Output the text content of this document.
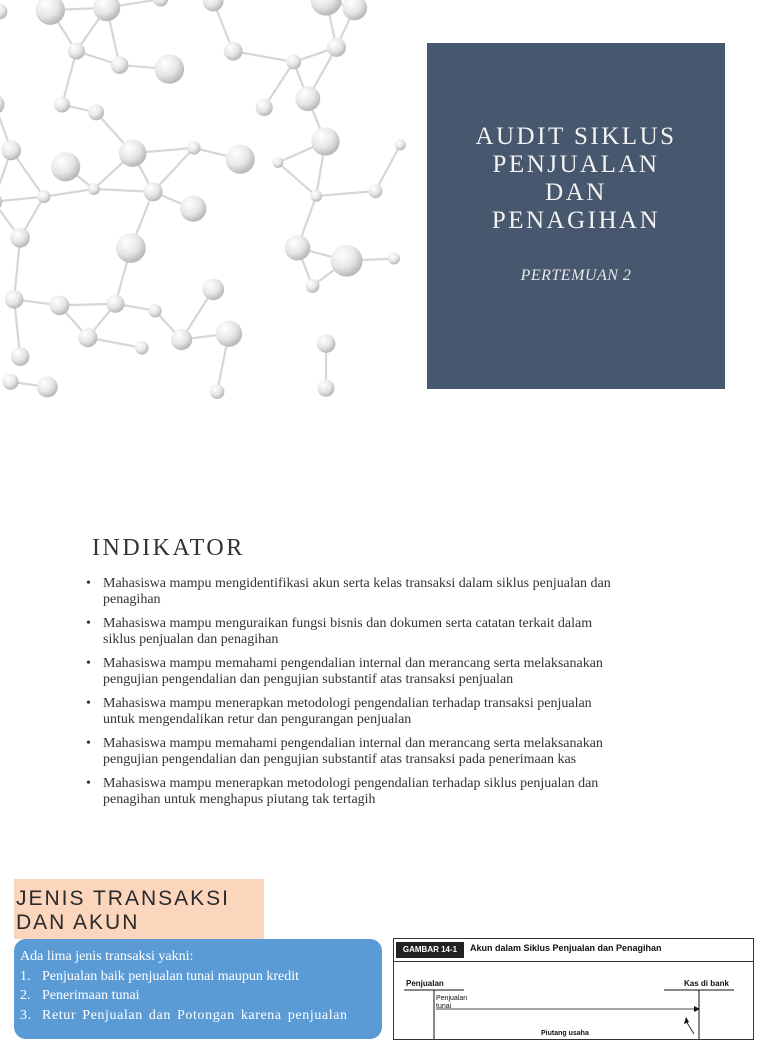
AUDIT SIKLUS
PENJUALAN
DAN
PENAGIHAN
PERTEMUAN 2
INDIKATOR
• Mahasiswa mampu mengidentifikasi akun serta kelas transaksi dalam siklus penjualan dan
penagihan
• Mahasiswa mampu menguraikan fungsi bisnis dan dokumen serta catatan terkait dalam
siklus penjualan dan penagihan
• Mahasiswa mampu memahami pengendalian internal dan merancang serta melaksanakan
pengujian pengendalian dan pengujian substantif atas transaksi penjualan
• Mahasiswa mampu menerapkan metodologi pengendalian terhadap transaksi penjualan
untuk mengendalikan retur dan pengurangan penjualan
• Mahasiswa mampu memahami pengendalian internal dan merancang serta melaksanakan
pengujian pengendalian dan pengujian substantif atas transaksi pada penerimaan kas
• Mahasiswa mampu menerapkan metodologi pengendalian terhadap siklus penjualan dan
penagihan untuk menghapus piutang tak tertagih
JENIS TRANSAKSI
DAN AKUN
Ada lima jenis transaksi yakni:
1. Penjualan baik penjualan tunai maupun kredit
2. Penerimaan tunai
3. Retur Penjualan dan Potongan karena penjualan
GAMBAR 14-1	Akun dalam Siklus Penjualan dan Penagihan
Penjualan	Kas di bank
Penjualan
tunai
Piutang usaha
